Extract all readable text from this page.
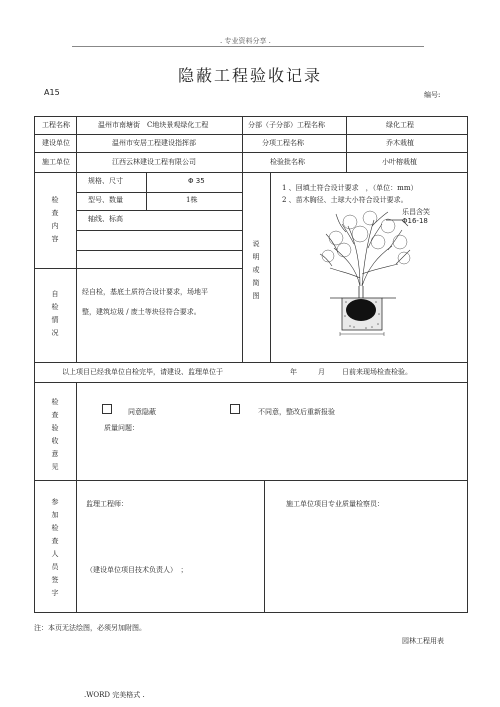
. 专业资料分享 .
隐蔽工程验收记录
A15	编号:
工程名称	温州市南塘街　C地块景观绿化工程	分部（子分部）工程名称	绿化工程
建设单位	温州市安居工程建设指挥部	分项工程名称	乔木栽植
施工单位	江西云林建设工程有限公司	检验批名称	小叶榕栽植
检查内容
规格、尺寸	Φ 35
型号、数量	1株
轴线、标高
说明或简图
1 、回填土符合设计要求　，（单位：mm）
2 、苗木胸径、土球大小符合设计要求。
乐昌含笑
Φ16-18
自检情况
经自检，基底土质符合设计要求，场地平
整，建筑垃圾 / 废土等块径符合要求。
以上项目已经我单位自检完毕，请建设、监理单位于	年	月 日前来现场检查检验。
检查验收意见
同意隐蔽	不同意，整改后重新报验
质量问题：
参加检查人员签字
监理工程师：
（建设单位项目技术负责人）　；
施工单位项目专业质量检察员：
注：本页无法绘图，必须另加附图。
园林工程用表
.WORD 完美格式 .
